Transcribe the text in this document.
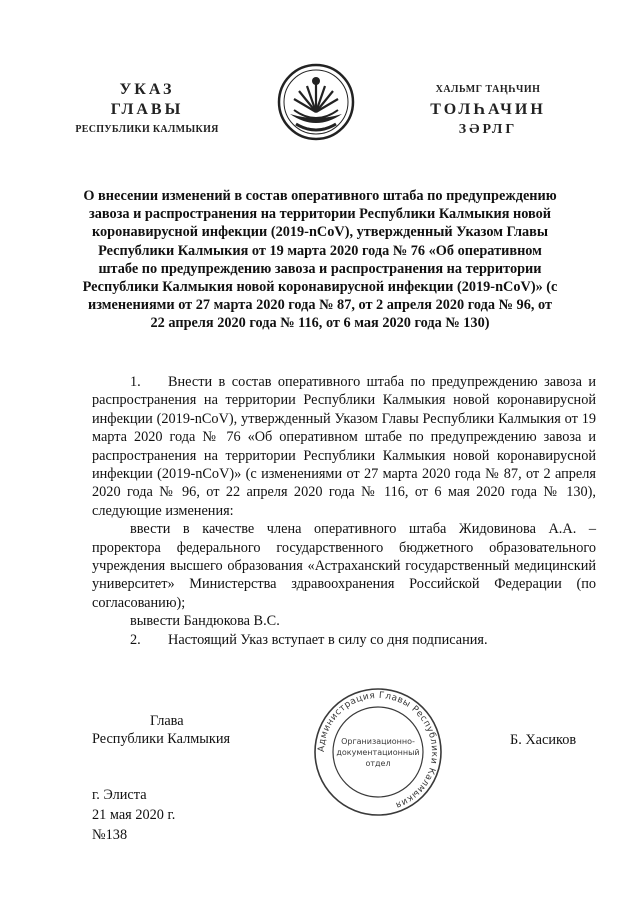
УКАЗ
ГЛАВЫ
РЕСПУБЛИКИ КАЛМЫКИЯ
ХАЛЬМГ ТАҢҺЧИН
ТОЛҺАЧИН
ЗӘРЛГ
О внесении изменений в состав оперативного штаба по предупреждению завоза и распространения на территории Республики Калмыкия новой коронавирусной инфекции (2019-nCoV), утвержденный Указом Главы Республики Калмыкия от 19 марта 2020 года № 76 «Об оперативном штабе по предупреждению завоза и распространения на территории Республики Калмыкия новой коронавирусной инфекции (2019-nCoV)» (с изменениями от 27 марта 2020 года № 87, от 2 апреля 2020 года № 96, от 22 апреля 2020 года № 116, от 6 мая 2020 года № 130)

1. Внести в состав оперативного штаба по предупреждению завоза и распространения на территории Республики Калмыкия новой коронавирусной инфекции (2019-nCoV), утвержденный Указом Главы Республики Калмыкия от 19 марта 2020 года № 76 «Об оперативном штабе по предупреждению завоза и распространения на территории Республики Калмыкия новой коронавирусной инфекции (2019-nCoV)» (с изменениями от 27 марта 2020 года № 87, от 2 апреля 2020 года № 96, от 22 апреля 2020 года № 116, от 6 мая 2020 года № 130), следующие изменения:

ввести в качестве члена оперативного штаба Жидовинова А.А. – проректора федерального государственного бюджетного образовательного учреждения высшего образования «Астраханский государственный медицинский университет» Министерства здравоохранения Российской Федерации (по согласованию);

вывести Бандюкова В.С.

2. Настоящий Указ вступает в силу со дня подписания.

Глава
Республики Калмыкия
Администрация Главы Республики Калмыкия
Организационно-
документационный
отдел
Б. Хасиков
г. Элиста
21 мая 2020 г.
№138
